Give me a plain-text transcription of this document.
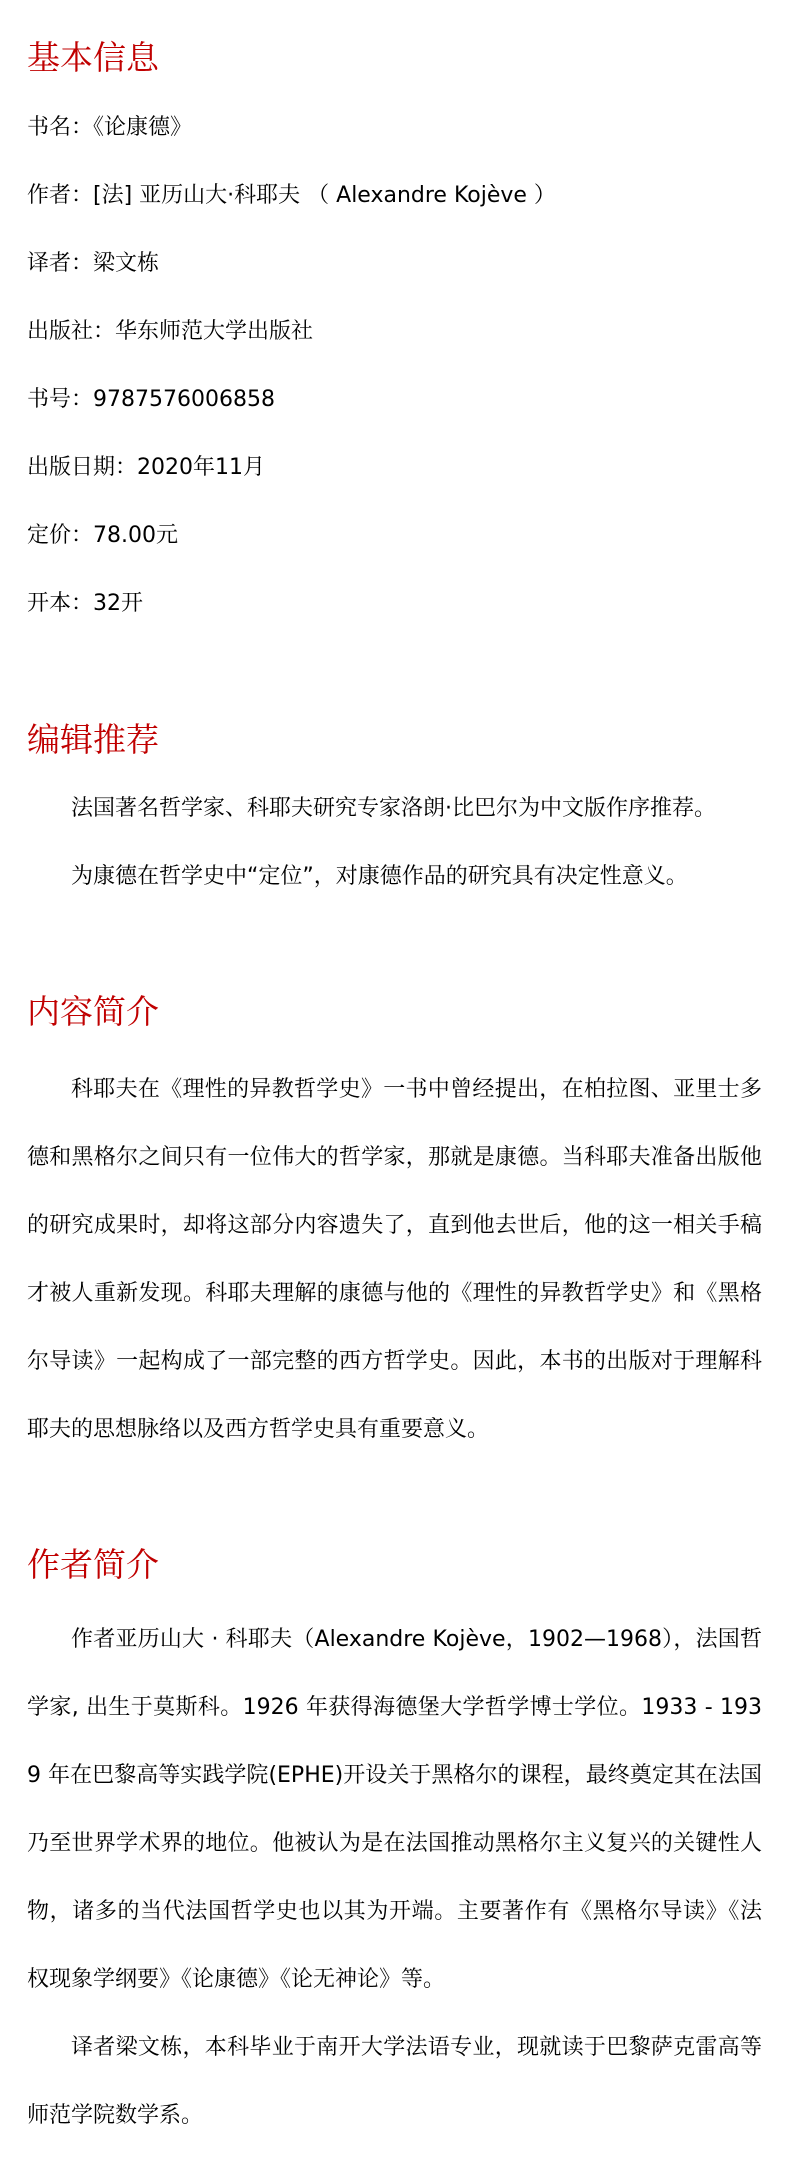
基本信息

书名：《论康德》

作者：[法] 亚历山大·科耶夫 （ Alexandre Kojève ）

译者：梁文栋

出版社：华东师范大学出版社

书号：9787576006858

出版日期：2020年11月

定价：78.00元

开本：32开

编辑推荐

法国著名哲学家、科耶夫研究专家洛朗·比巴尔为中文版作序推荐。

为康德在哲学史中“定位”，对康德作品的研究具有决定性意义。

内容简介

科耶夫在《理性的异教哲学史》一书中曾经提出，在柏拉图、亚里士多德和黑格尔之间只有一位伟大的哲学家，那就是康德。当科耶夫准备出版他的研究成果时，却将这部分内容遗失了，直到他去世后，他的这一相关手稿才被人重新发现。科耶夫理解的康德与他的《理性的异教哲学史》和《黑格尔导读》一起构成了一部完整的西方哲学史。因此，本书的出版对于理解科耶夫的思想脉络以及西方哲学史具有重要意义。

作者简介

作者亚历山大 · 科耶夫（Alexandre Kojève，1902—1968），法国哲学家, 出生于莫斯科。1926 年获得海德堡大学哲学博士学位。1933 - 1939 年在巴黎高等实践学院(EPHE)开设关于黑格尔的课程，最终奠定其在法国乃至世界学术界的地位。他被认为是在法国推动黑格尔主义复兴的关键性人物，诸多的当代法国哲学史也以其为开端。主要著作有《黑格尔导读》《法权现象学纲要》《论康德》《论无神论》等。

译者梁文栋，本科毕业于南开大学法语专业，现就读于巴黎萨克雷高等师范学院数学系。
